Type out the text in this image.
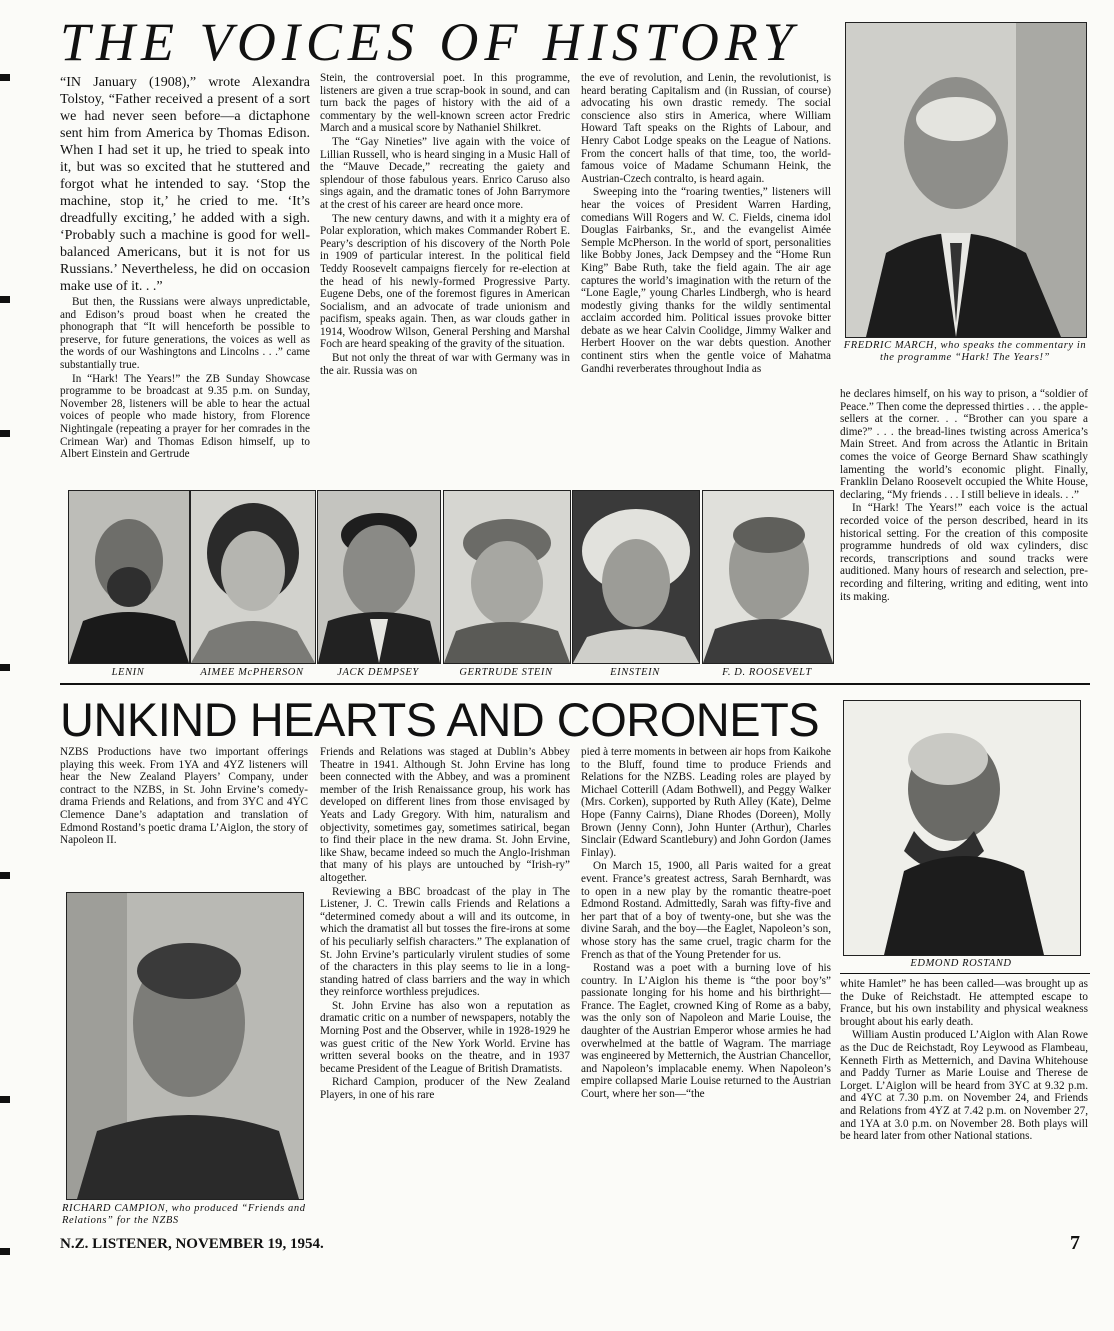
THE VOICES OF HISTORY

“IN January (1908),” wrote Alexandra Tolstoy, “Father received a present of a sort we had never seen before—a dictaphone sent him from America by Thomas Edison. When I had set it up, he tried to speak into it, but was so excited that he stuttered and forgot what he intended to say. ‘Stop the machine, stop it,’ he cried to me. ‘It’s dreadfully exciting,’ he added with a sigh. ‘Probably such a machine is good for well-balanced Americans, but it is not for us Russians.’ Nevertheless, he did on occasion make use of it. . .”

But then, the Russians were always unpredictable, and Edison’s proud boast when he created the phonograph that “It will henceforth be possible to preserve, for future generations, the voices as well as the words of our Washingtons and Lincolns . . .” came substantially true.

In “Hark! The Years!” the ZB Sunday Showcase programme to be broadcast at 9.35 p.m. on Sunday, November 28, listeners will be able to hear the actual voices of people who made history, from Florence Nightingale (repeating a prayer for her comrades in the Crimean War) and Thomas Edison himself, up to Albert Einstein and Gertrude

Stein, the controversial poet. In this programme, listeners are given a true scrap-book in sound, and can turn back the pages of history with the aid of a commentary by the well-known screen actor Fredric March and a musical score by Nathaniel Shilkret.

The “Gay Nineties” live again with the voice of Lillian Russell, who is heard singing in a Music Hall of the “Mauve Decade,” recreating the gaiety and splendour of those fabulous years. Enrico Caruso also sings again, and the dramatic tones of John Barrymore at the crest of his career are heard once more.

The new century dawns, and with it a mighty era of Polar exploration, which makes Commander Robert E. Peary’s description of his discovery of the North Pole in 1909 of particular interest. In the political field Teddy Roosevelt campaigns fiercely for re-election at the head of his newly-formed Progressive Party. Eugene Debs, one of the foremost figures in American Socialism, and an advocate of trade unionism and pacifism, speaks again. Then, as war clouds gather in 1914, Woodrow Wilson, General Pershing and Marshal Foch are heard speaking of the gravity of the situation.

But not only the threat of war with Germany was in the air. Russia was on

the eve of revolution, and Lenin, the revolutionist, is heard berating Capitalism and (in Russian, of course) advocating his own drastic remedy. The social conscience also stirs in America, where William Howard Taft speaks on the Rights of Labour, and Henry Cabot Lodge speaks on the League of Nations. From the concert halls of that time, too, the world-famous voice of Madame Schumann Heink, the Austrian-Czech contralto, is heard again.

Sweeping into the “roaring twenties,” listeners will hear the voices of President Warren Harding, comedians Will Rogers and W. C. Fields, cinema idol Douglas Fairbanks, Sr., and the evangelist Aimée Semple McPherson. In the world of sport, personalities like Bobby Jones, Jack Dempsey and the “Home Run King” Babe Ruth, take the field again. The air age captures the world’s imagination with the return of the “Lone Eagle,” young Charles Lindbergh, who is heard modestly giving thanks for the wildly sentimental acclaim accorded him. Political issues provoke bitter debate as we hear Calvin Coolidge, Jimmy Walker and Herbert Hoover on the war debts question. Another continent stirs when the gentle voice of Mahatma Gandhi reverberates throughout India as

FREDRIC MARCH, who speaks the commentary in the programme “Hark! The Years!”

he declares himself, on his way to prison, a “soldier of Peace.” Then come the depressed thirties . . . the apple-sellers at the corner. . . “Brother can you spare a dime?” . . . the bread-lines twisting across America’s Main Street. And from across the Atlantic in Britain comes the voice of George Bernard Shaw scathingly lamenting the world’s economic plight. Finally, Franklin Delano Roosevelt occupied the White House, declaring, “My friends . . . I still believe in ideals. . .”

In “Hark! The Years!” each voice is the actual recorded voice of the person described, heard in its historical setting. For the creation of this composite programme hundreds of old wax cylinders, disc records, transcriptions and sound tracks were auditioned. Many hours of research and selection, pre-recording and filtering, writing and editing, went into its making.

LENIN	AIMEE McPHERSON	JACK DEMPSEY	GERTRUDE STEIN	EINSTEIN	F. D. ROOSEVELT
UNKIND HEARTS AND CORONETS

NZBS Productions have two important offerings playing this week. From 1YA and 4YZ listeners will hear the New Zealand Players’ Company, under contract to the NZBS, in St. John Ervine’s comedy-drama Friends and Relations, and from 3YC and 4YC Clemence Dane’s adaptation and translation of Edmond Rostand’s poetic drama L’Aiglon, the story of Napoleon II.

RICHARD CAMPION, who produced “Friends and Relations” for the NZBS

Friends and Relations was staged at Dublin’s Abbey Theatre in 1941. Although St. John Ervine has long been connected with the Abbey, and was a prominent member of the Irish Renaissance group, his work has developed on different lines from those envisaged by Yeats and Lady Gregory. With him, naturalism and objectivity, sometimes gay, sometimes satirical, began to find their place in the new drama. St. John Ervine, like Shaw, became indeed so much the Anglo-Irishman that many of his plays are untouched by “Irish-ry” altogether.

Reviewing a BBC broadcast of the play in The Listener, J. C. Trewin calls Friends and Relations a “determined comedy about a will and its outcome, in which the dramatist all but tosses the fire-irons at some of his peculiarly selfish characters.” The explanation of St. John Ervine’s particularly virulent studies of some of the characters in this play seems to lie in a long-standing hatred of class barriers and the way in which they reinforce worthless prejudices.

St. John Ervine has also won a reputation as dramatic critic on a number of newspapers, notably the Morning Post and the Observer, while in 1928-1929 he was guest critic of the New York World. Ervine has written several books on the theatre, and in 1937 became President of the League of British Dramatists.

Richard Campion, producer of the New Zealand Players, in one of his rare

pied à terre moments in between air hops from Kaikohe to the Bluff, found time to produce Friends and Relations for the NZBS. Leading roles are played by Michael Cotterill (Adam Bothwell), and Peggy Walker (Mrs. Corken), supported by Ruth Alley (Kate), Delme Hope (Fanny Cairns), Diane Rhodes (Doreen), Molly Brown (Jenny Conn), John Hunter (Arthur), Charles Sinclair (Edward Scantlebury) and John Gordon (James Finlay).

On March 15, 1900, all Paris waited for a great event. France’s greatest actress, Sarah Bernhardt, was to open in a new play by the romantic theatre-poet Edmond Rostand. Admittedly, Sarah was fifty-five and her part that of a boy of twenty-one, but she was the divine Sarah, and the boy—the Eaglet, Napoleon’s son, whose story has the same cruel, tragic charm for the French as that of the Young Pretender for us.

Rostand was a poet with a burning love of his country. In L’Aiglon his theme is “the poor boy’s” passionate longing for his home and his birthright—France. The Eaglet, crowned King of Rome as a baby, was the only son of Napoleon and Marie Louise, the daughter of the Austrian Emperor whose armies he had overwhelmed at the battle of Wagram. The marriage was engineered by Metternich, the Austrian Chancellor, and Napoleon’s implacable enemy. When Napoleon’s empire collapsed Marie Louise returned to the Austrian Court, where her son—“the

EDMOND ROSTAND

white Hamlet” he has been called—was brought up as the Duke of Reichstadt. He attempted escape to France, but his own instability and physical weakness brought about his early death.

William Austin produced L’Aiglon with Alan Rowe as the Duc de Reichstadt, Roy Leywood as Flambeau, Kenneth Firth as Metternich, and Davina Whitehouse and Paddy Turner as Marie Louise and Therese de Lorget. L’Aiglon will be heard from 3YC at 9.32 p.m. and 4YC at 7.30 p.m. on November 24, and Friends and Relations from 4YZ at 7.42 p.m. on November 27, and 1YA at 3.0 p.m. on November 28. Both plays will be heard later from other National stations.

N.Z. LISTENER, NOVEMBER 19, 1954.	7
